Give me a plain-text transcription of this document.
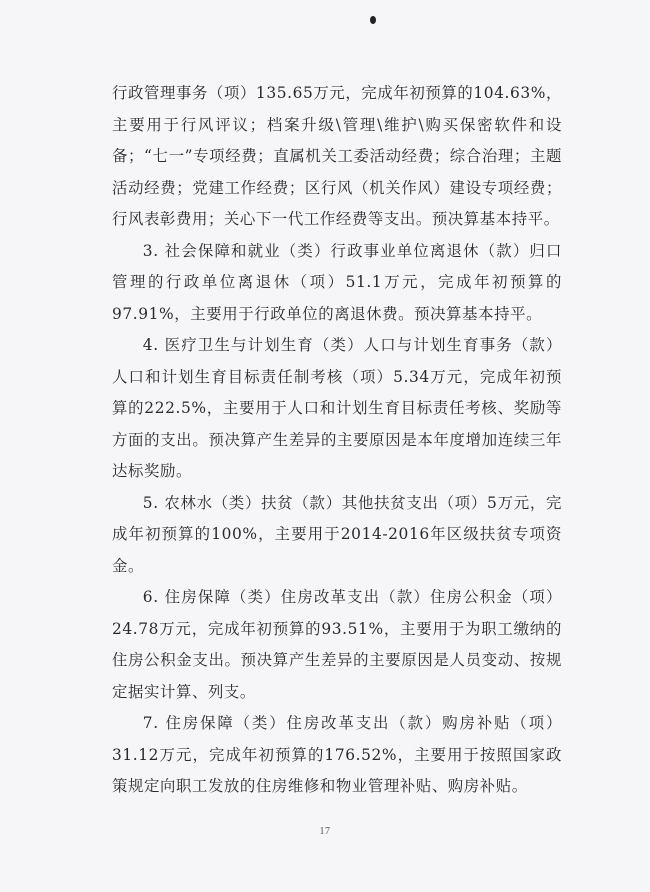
行政管理事务（项）135.65万元，完成年初预算的104.63%，主要用于行风评议；档案升级\管理\维护\购买保密软件和设备；“七一”专项经费；直属机关工委活动经费；综合治理；主题活动经费；党建工作经费；区行风（机关作风）建设专项经费；行风表彰费用；关心下一代工作经费等支出。预决算基本持平。

3. 社会保障和就业（类）行政事业单位离退休（款）归口管理的行政单位离退休（项）51.1万元，完成年初预算的97.91%，主要用于行政单位的离退休费。预决算基本持平。

4. 医疗卫生与计划生育（类）人口与计划生育事务（款）人口和计划生育目标责任制考核（项）5.34万元，完成年初预算的222.5%，主要用于人口和计划生育目标责任考核、奖励等方面的支出。预决算产生差异的主要原因是本年度增加连续三年达标奖励。

5. 农林水（类）扶贫（款）其他扶贫支出（项）5万元，完成年初预算的100%，主要用于2014-2016年区级扶贫专项资金。

6. 住房保障（类）住房改革支出（款）住房公积金（项）24.78万元，完成年初预算的93.51%，主要用于为职工缴纳的住房公积金支出。预决算产生差异的主要原因是人员变动、按规定据实计算、列支。

7. 住房保障（类）住房改革支出（款）购房补贴（项）31.12万元，完成年初预算的176.52%，主要用于按照国家政策规定向职工发放的住房维修和物业管理补贴、购房补贴。

17
